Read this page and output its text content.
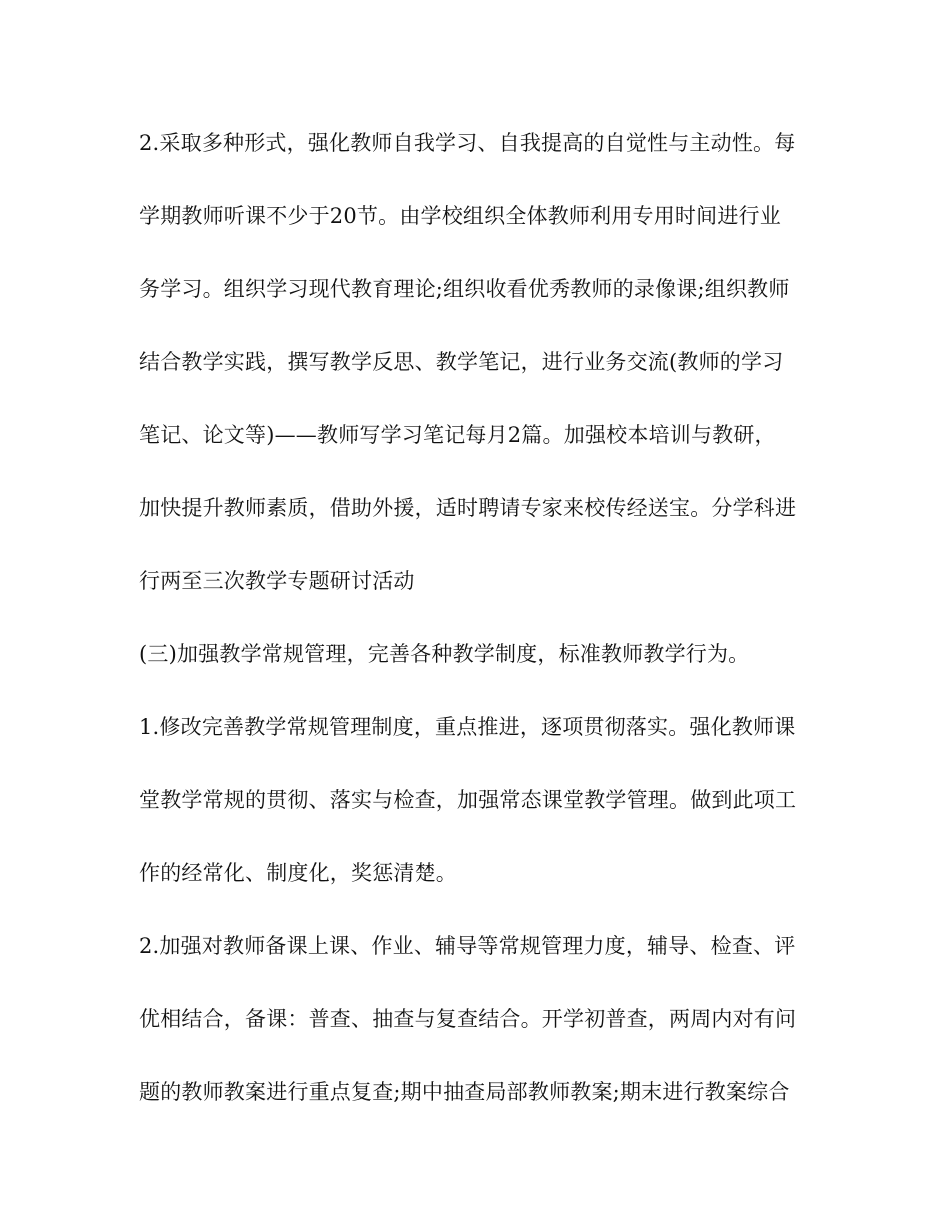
2.采取多种形式，强化教师自我学习、自我提高的自觉性与主动性。每
学期教师听课不少于20节。由学校组织全体教师利用专用时间进行业
务学习。组织学习现代教育理论;组织收看优秀教师的录像课;组织教师
结合教学实践，撰写教学反思、教学笔记，进行业务交流(教师的学习
笔记、论文等)——教师写学习笔记每月2篇。加强校本培训与教研，
加快提升教师素质，借助外援，适时聘请专家来校传经送宝。分学科进
行两至三次教学专题研讨活动
(三)加强教学常规管理，完善各种教学制度，标准教师教学行为。
1.修改完善教学常规管理制度，重点推进，逐项贯彻落实。强化教师课
堂教学常规的贯彻、落实与检查，加强常态课堂教学管理。做到此项工
作的经常化、制度化，奖惩清楚。
2.加强对教师备课上课、作业、辅导等常规管理力度，辅导、检查、评
优相结合，备课：普查、抽查与复查结合。开学初普查，两周内对有问
题的教师教案进行重点复查;期中抽查局部教师教案;期末进行教案综合
